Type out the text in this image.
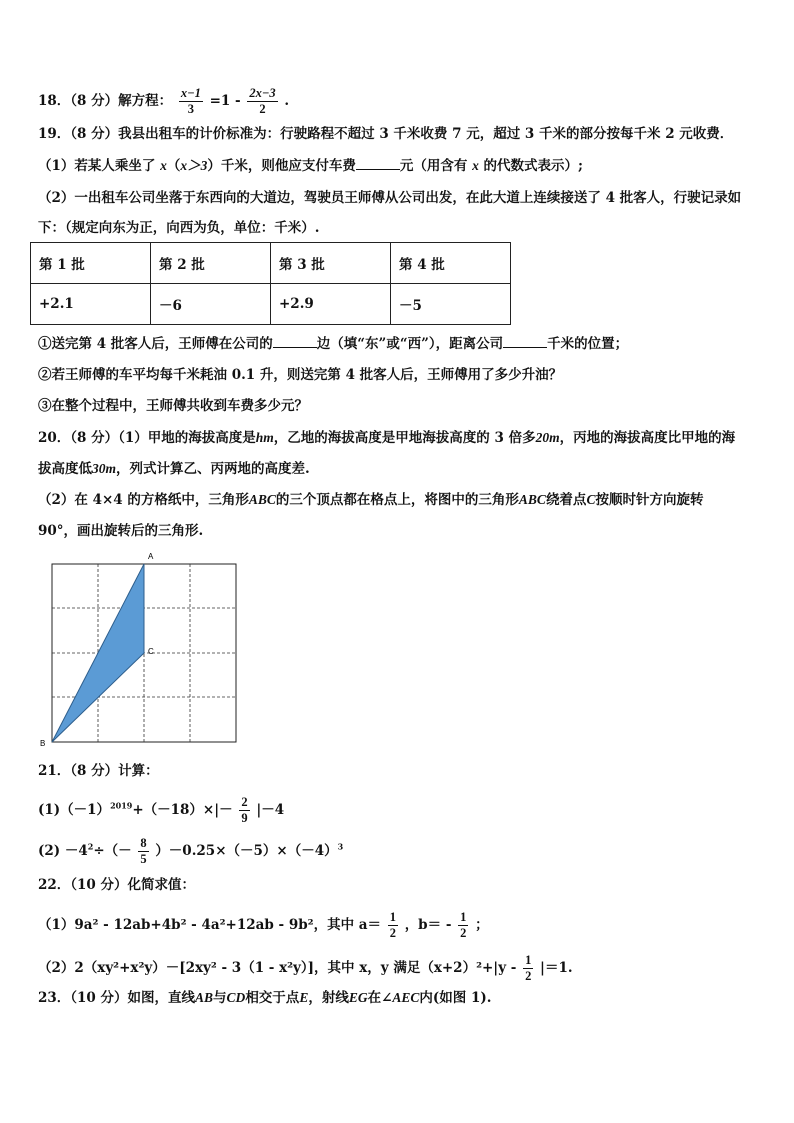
18．（8 分）解方程： $\frac{x-1}{3} =1 - \frac{2x-3}{2}$ .
19．（8 分）我县出租车的计价标准为：行驶路程不超过 3 千米收费 7 元，超过 3 千米的部分按每千米 2 元收费．
（1）若某人乘坐了 x（x＞3）千米，则他应支付车费	元（用含有 x 的代数式表示）;
（2）一出租车公司坐落于东西向的大道边，驾驶员王师傅从公司出发，在此大道上连续接送了 4 批客人，行驶记录如
下：（规定向东为正，向西为负，单位：千米）.
第 1 批	第 2 批	第 3 批	第 4 批
+2.1	－6	+2.9	－5
①送完第 4 批客人后，王师傅在公司的	边（填“东”或“西”），距离公司	千米的位置；
②若王师傅的车平均每千米耗油 0.1 升，则送完第 4 批客人后，王师傅用了多少升油？
③在整个过程中，王师傅共收到车费多少元？
20．（8 分）（1）甲地的海拔高度是hm，乙地的海拔高度是甲地海拔高度的 3 倍多20m，丙地的海拔高度比甲地的海
拔高度低30m，列式计算乙、丙两地的高度差.
（2）在 4×4 的方格纸中，三角形ABC的三个顶点都在格点上，将图中的三角形ABC绕着点C按顺时针方向旋转
90°，画出旋转后的三角形.
A
B
C
21．（8 分）计算：
$(1)(-1)^{2019}+(-18)\times|- \frac{2}{9} |-4$
$(2) -4^2\div(- \frac{8}{5} )-0.25\times(-5)\times(-4)^3$
22．（10 分）化简求值：
（1）9a² - 12ab+4b² - 4a²+12ab - 9b²，其中 $a= \frac{1}{2}$ ，$b= - \frac{1}{2}$ ；
（2）2（xy²+x²y）－[2xy² - 3（1 - x²y）]，其中 x，y 满足$(x+2)^2+|y - \frac{1}{2} |=1$.
23．（10 分）如图，直线AB与CD相交于点E，射线EG在∠AEC内(如图 1).
